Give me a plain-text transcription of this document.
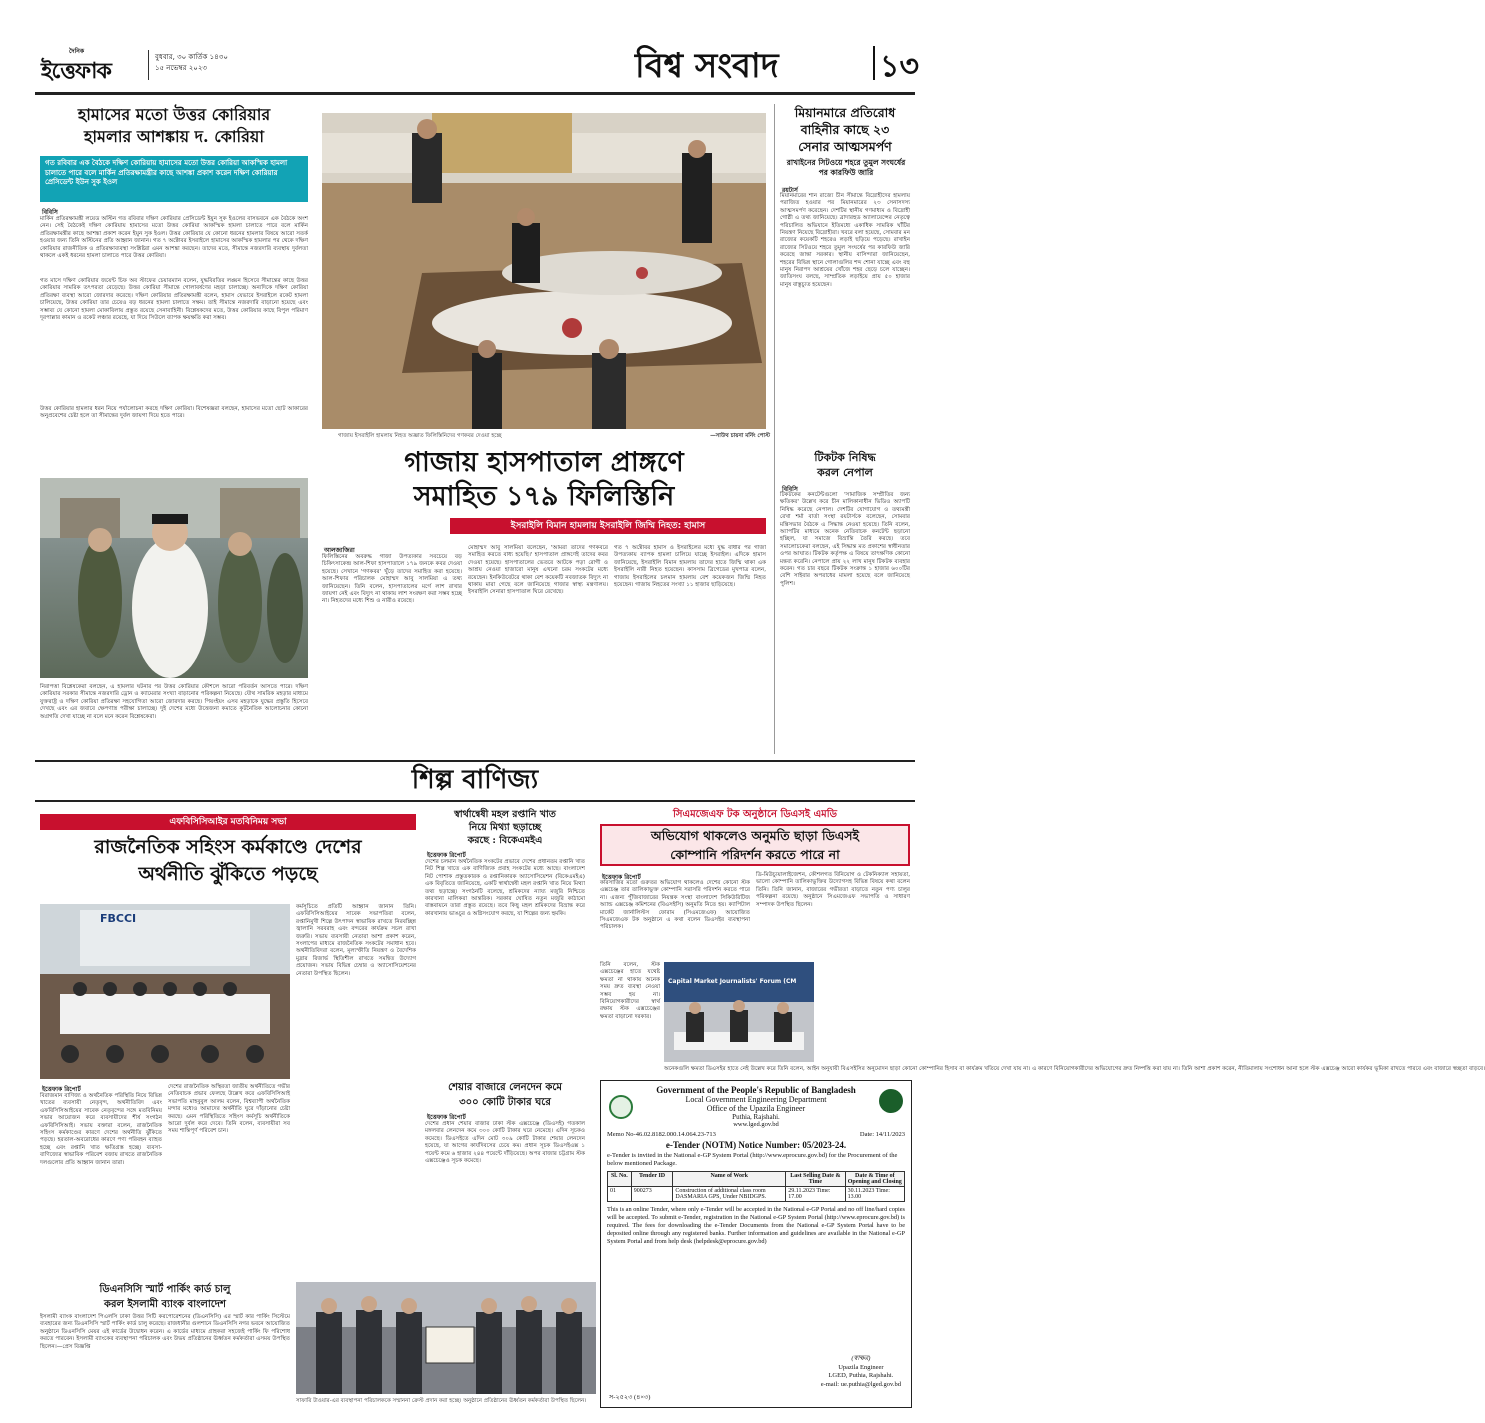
দৈনিক
ইত্তেফাক
বুধবার, ৩০ কার্তিক ১৪৩০
১৫ নভেম্বর ২০২৩	বিশ্ব সংবাদ	১৩
হামাসের মতো উত্তর কোরিয়ার
হামলার আশঙ্কায় দ. কোরিয়া
গত রবিবার এক বৈঠকে দক্ষিণ কোরিয়ায় হামাসের মতো উত্তর কোরিয়া আকস্মিক হামলা চালাতে পারে বলে মার্কিন প্রতিরক্ষামন্ত্রীর কাছে আশঙ্কা প্রকাশ করেন দক্ষিণ কোরিয়ার প্রেসিডেন্ট ইউন সুক ইওল
বিবিসি
মার্কিন প্রতিরক্ষামন্ত্রী লয়েড অস্টিন গত রবিবার দক্ষিণ কোরিয়ার প্রেসিডেন্ট ইয়ুন সুক ইওলের বাসভবনে এক বৈঠকে অংশ নেন। সেই বৈঠকেই দক্ষিণ কোরিয়ায় হামাসের মতো উত্তর কোরিয়া আকস্মিক হামলা চালাতে পারে বলে মার্কিন প্রতিরক্ষামন্ত্রীর কাছে আশঙ্কা প্রকাশ করেন ইয়ুন সুক ইওল। উত্তর কোরিয়ার যে কোনো ধরনের হামলার বিষয়ে আরো সতর্ক হওয়ার জন্য তিনি অস্টিনের প্রতি আহ্বান জানান। গত ৭ অক্টোবর ইসরাইলে হামাসের আকস্মিক হামলার পর থেকে দক্ষিণ কোরিয়ার রাজনীতিক ও প্রতিরক্ষাব্যবস্থা সংশ্লিষ্টরা এমন আশঙ্কা করছেন। তাদের মতে, সীমান্তে নজরদারি ব্যবস্থায় দুর্বলতা থাকলে একই ধরনের হামলা চালাতে পারে উত্তর কোরিয়া।
গত মাসে দক্ষিণ কোরিয়ার জয়েন্ট চিফ অব স্টাফের চেয়ারম্যান বলেন, যুদ্ধবিরতির লঙ্ঘন হিসেবে সীমান্তের কাছে উত্তর কোরিয়ার সামরিক তৎপরতা বেড়েছে। উত্তর কোরিয়া সীমান্তে গোলাবর্ষণের মহড়া চালাচ্ছে। অন্যদিকে দক্ষিণ কোরিয়া প্রতিরক্ষা ব্যবস্থা আরো জোরদার করেছে। দক্ষিণ কোরিয়ার প্রতিরক্ষামন্ত্রী বলেন, হামাস যেভাবে ইসরাইলে রকেট হামলা চালিয়েছে, উত্তর কোরিয়া তার চেয়েও বড় ধরনের হামলা চালাতে সক্ষম। তাই সীমান্তে নজরদারি বাড়ানো হয়েছে এবং সম্ভাব্য যে কোনো হামলা মোকাবিলায় প্রস্তুত রয়েছে সেনাবাহিনী। বিশ্লেষকদের মতে, উত্তর কোরিয়ার কাছে বিপুল পরিমাণ দূরপাল্লার কামান ও রকেট লঞ্চার রয়েছে, যা দিয়ে সিউলে ব্যাপক ক্ষয়ক্ষতি করা সম্ভব।
উত্তর কোরিয়ার হামলার ধরন নিয়ে পর্যালোচনা করছে দক্ষিণ কোরিয়া। বিশেষজ্ঞরা বলছেন, হামাসের মতো ছোট আকারের অনুপ্রবেশের চেষ্টা হলে তা সীমান্তের দুর্বল জায়গা দিয়ে হতে পারে।
নিরাপত্তা বিশ্লেষকেরা বলছেন, এ হামলার ঘটনার পর উত্তর কোরিয়ার কৌশলে আরো পরিবর্তন আসতে পারে। দক্ষিণ কোরিয়ার সরকার সীমান্তে নজরদারি ড্রোন ও ক্যামেরার সংখ্যা বাড়ানোর পরিকল্পনা নিয়েছে। যৌথ সামরিক মহড়ার মাধ্যমে যুক্তরাষ্ট্র ও দক্ষিণ কোরিয়া প্রতিরক্ষা সহযোগিতা আরো জোরদার করছে। পিয়ংইয়ং এসব মহড়াকে যুদ্ধের প্রস্তুতি হিসেবে দেখছে এবং এর জবাবে ক্ষেপণাস্ত্র পরীক্ষা চালাচ্ছে। দুই দেশের মধ্যে উত্তেজনা কমাতে কূটনৈতিক আলোচনার কোনো অগ্রগতি দেখা যাচ্ছে না বলে মনে করেন বিশ্লেষকেরা।
গাজায় ইসরাইলি হামলায় নিহত অজ্ঞাত ফিলিস্তিনিদের গণকবর দেওয়া হচ্ছে	—সাউথ চায়না মর্নিং পোস্ট
গাজায় হাসপাতাল প্রাঙ্গণে
সমাহিত ১৭৯ ফিলিস্তিনি
ইসরাইলি বিমান হামলায় ইসরাইলি জিম্মি নিহত: হামাস
আলজাজিরা
ফিলিস্তিনের অবরুদ্ধ গাজা উপত্যকার সবচেয়ে বড় চিকিৎসাকেন্দ্র আল-শিফা হাসপাতালে ১৭৯ জনকে কবর দেওয়া হয়েছে। সেখানে 'গণকবর' খুঁড়ে তাদের সমাহিত করা হয়েছে। আল-শিফার পরিচালক মোহাম্মদ আবু সালমিয়া এ তথ্য জানিয়েছেন। তিনি বলেন, হাসপাতালের মর্গে লাশ রাখার জায়গা নেই এবং বিদ্যুৎ না থাকায় লাশ সংরক্ষণ করা সম্ভব হচ্ছে না। নিহতদের মধ্যে শিশু ও নারীও রয়েছে।
মোহাম্মদ আবু সালমিয়া বলেছেন, 'আমরা তাদের গণকবরে সমাহিত করতে বাধ্য হয়েছি।' হাসপাতাল প্রাঙ্গণেই তাদের কবর দেওয়া হয়েছে। হাসপাতালের ভেতরে আটকে পড়া রোগী ও আশ্রয় নেওয়া হাজারো মানুষ এখনো চরম সংকটের মধ্যে রয়েছেন। ইনকিউবেটরে থাকা বেশ কয়েকটি নবজাতক বিদ্যুৎ না থাকায় মারা গেছে বলে জানিয়েছে গাজার স্বাস্থ্য মন্ত্রণালয়। ইসরাইলি সেনারা হাসপাতাল ঘিরে রেখেছে।
গত ৭ অক্টোবর হামাস ও ইসরাইলের মধ্যে যুদ্ধ বাধার পর গাজা উপত্যকায় ব্যাপক হামলা চালিয়ে যাচ্ছে ইসরাইল। এদিকে হামাস জানিয়েছে, ইসরাইলি বিমান হামলায় তাদের হাতে জিম্মি থাকা এক ইসরাইলি নারী নিহত হয়েছেন। কাসসাম ব্রিগেডের মুখপাত্র বলেন, গাজায় ইসরাইলের চলমান হামলায় বেশ কয়েকজন জিম্মি নিহত হয়েছেন। গাজায় নিহতের সংখ্যা ১১ হাজার ছাড়িয়েছে।
মিয়ানমারে প্রতিরোধ
বাহিনীর কাছে ২৩
সেনার আত্মসমর্পণ
রাখাইনের সিটওয়ে শহরে তুমুল সংঘর্ষের পর কারফিউ জারি
রয়টার্স
মিয়ানমারের শান রাজ্যে চীন সীমান্তে বিদ্রোহীদের হামলায় পরাজিত হওয়ার পর মিয়ানমারের ২৩ সেনাসদস্য আত্মসমর্পণ করেছেন। দেশটির স্থানীয় গণমাধ্যম ও বিদ্রোহী গোষ্ঠী এ তথ্য জানিয়েছে। ব্রাদারহুড অ্যালায়েন্সের নেতৃত্বে পরিচালিত অভিযানে ইতিমধ্যে একাধিক সামরিক ঘাঁটির নিয়ন্ত্রণ নিয়েছে বিদ্রোহীরা। খবরে বলা হয়েছে, সোমবার মন রাজ্যের কয়েকটি শহরেও লড়াই ছড়িয়ে পড়েছে। রাখাইন রাজ্যের সিটওয়ে শহরে তুমুল সংঘর্ষের পর কারফিউ জারি করেছে জান্তা সরকার। স্থানীয় বাসিন্দারা জানিয়েছেন, শহরের বিভিন্ন স্থানে গোলাগুলির শব্দ শোনা যাচ্ছে এবং বহু মানুষ নিরাপদ আশ্রয়ের খোঁজে শহর ছেড়ে চলে যাচ্ছেন। জাতিসংঘ বলছে, সাম্প্রতিক লড়াইয়ে প্রায় ৫০ হাজার মানুষ বাস্তুচ্যুত হয়েছেন।
টিকটক নিষিদ্ধ
করল নেপাল
বিবিসি
টিকটকের কনটেন্টগুলো 'সামাজিক সম্প্রীতির জন্য ক্ষতিকর' উল্লেখ করে চীন মালিকানাধীন ভিডিও অ্যাপটি নিষিদ্ধ করেছে নেপাল। দেশটির যোগাযোগ ও তথ্যমন্ত্রী রেখা শর্মা বার্তা সংস্থা রয়টার্সকে বলেছেন, সোমবার মন্ত্রিসভার বৈঠকে এ সিদ্ধান্ত নেওয়া হয়েছে। তিনি বলেন, অ্যাপটির মাধ্যমে অনেক নেতিবাচক কনটেন্ট ছড়ানো হচ্ছিল, যা সমাজে বিভ্রান্তি তৈরি করছে। তবে সমালোচকেরা বলছেন, এই সিদ্ধান্ত মত প্রকাশের স্বাধীনতার ওপর আঘাত। টিকটক কর্তৃপক্ষ এ বিষয়ে তাৎক্ষণিক কোনো মন্তব্য করেনি। নেপালে প্রায় ২২ লাখ মানুষ টিকটক ব্যবহার করেন। গত চার বছরে টিকটক সংক্রান্ত ১ হাজার ৬০০টির বেশি সাইবার অপরাধের মামলা হয়েছে বলে জানিয়েছে পুলিশ।
শিল্প বাণিজ্য
এফবিসিসিআইর মতবিনিময় সভা
রাজনৈতিক সহিংস কর্মকাণ্ডে দেশের
অর্থনীতি ঝুঁকিতে পড়ছে
FBCCI
ইত্তেফাক রিপোর্ট
বিরাজমান বাণিজ্য ও অর্থনৈতিক পরিস্থিতি নিয়ে বিভিন্ন খাতের ব্যবসায়ী নেতৃবৃন্দ, অর্থনীতিবিদ এবং এফবিসিসিআইয়ের সাবেক নেতৃবৃন্দের সঙ্গে মতবিনিময় সভার আয়োজন করে ব্যবসায়ীদের শীর্ষ সংগঠন এফবিসিসিআই। সভায় বক্তারা বলেন, রাজনৈতিক সহিংস কর্মকাণ্ডের কারণে দেশের অর্থনীতি ঝুঁকিতে পড়ছে। হরতাল-অবরোধের কারণে পণ্য পরিবহন ব্যাহত হচ্ছে এবং রপ্তানি খাত ক্ষতিগ্রস্ত হচ্ছে। ব্যবসা-বাণিজ্যের স্বাভাবিক পরিবেশ বজায় রাখতে রাজনৈতিক দলগুলোর প্রতি আহ্বান জানান তারা।
দেশের রাজনৈতিক অস্থিরতা জাতীয় অর্থনীতিতে গভীর নেতিবাচক প্রভাব ফেলছে উল্লেখ করে এফবিসিসিআই সভাপতি মাহবুবুল আলম বলেন, বিশ্বব্যাপী অর্থনৈতিক মন্দার মধ্যেও আমাদের অর্থনীতি ঘুরে দাঁড়ানোর চেষ্টা করছে। এমন পরিস্থিতিতে সহিংস কর্মসূচি অর্থনীতিকে আরো দুর্বল করে দেবে। তিনি বলেন, ব্যবসায়ীরা সব সময় শান্তিপূর্ণ পরিবেশ চান।
কর্মসূচিতে প্রতিটি আহ্বান জানান তিনি। এফবিসিসিআইয়ের সাবেক সভাপতিরা বলেন, রপ্তানিমুখী শিল্পে উৎপাদন স্বাভাবিক রাখতে নিরবচ্ছিন্ন জ্বালানি সরবরাহ এবং বন্দরের কার্যক্রম সচল রাখা জরুরি। সভায় ব্যবসায়ী নেতারা আশা প্রকাশ করেন, সংলাপের মাধ্যমে রাজনৈতিক সংকটের সমাধান হবে। অর্থনীতিবিদরা বলেন, মূল্যস্ফীতি নিয়ন্ত্রণ ও বৈদেশিক মুদ্রার রিজার্ভ স্থিতিশীল রাখতে সমন্বিত উদ্যোগ প্রয়োজন। সভায় বিভিন্ন চেম্বার ও অ্যাসোসিয়েশনের নেতারা উপস্থিত ছিলেন।
ডিএনসিসি স্মার্ট পার্কিং কার্ড চালু
করল ইসলামী ব্যাংক বাংলাদেশ
ইসলামী ব্যাংক বাংলাদেশ পিএলসি ঢাকা উত্তর সিটি করপোরেশনের (ডিএনসিসি) এর স্মার্ট কার পার্কিং সিস্টেমে ব্যবহারের জন্য ডিএনসিসি স্মার্ট পার্কিং কার্ড চালু করেছে। রাজধানীর গুলশানে ডিএনসিসি নগর ভবনে আয়োজিত অনুষ্ঠানে ডিএনসিসি মেয়র এই কার্ডের উদ্বোধন করেন। এ কার্ডের মাধ্যমে গ্রাহকরা সহজেই পার্কিং ফি পরিশোধ করতে পারবেন। ইসলামী ব্যাংকের ব্যবস্থাপনা পরিচালক এবং উভয় প্রতিষ্ঠানের ঊর্ধ্বতন কর্মকর্তারা এসময় উপস্থিত ছিলেন।—প্রেস বিজ্ঞপ্তি
সাফারি টাওয়ার-এর ব্যবস্থাপনা পরিচালককে সম্মাননা ক্রেস্ট প্রদান করা হচ্ছে। অনুষ্ঠানে প্রতিষ্ঠানের ঊর্ধ্বতন কর্মকর্তারা উপস্থিত ছিলেন।
স্বার্থান্বেষী মহল রপ্তানি খাত
নিয়ে মিথ্যা ছড়াচ্ছে
করছে : বিকেএমইএ
ইত্তেফাক রিপোর্ট
দেশের চলমান অর্থনৈতিক সংকটের প্রভাবে দেশের প্রধানতম রপ্তানি খাত নিট শিল্প খাতে এক বাণিজ্যিক প্রবাহ সংকটের মধ্যে আছে। বাংলাদেশ নিট পোশাক প্রস্তুতকারক ও রপ্তানিকারক অ্যাসোসিয়েশন (বিকেএমইএ) এক বিবৃতিতে জানিয়েছে, একটি স্বার্থান্বেষী মহল রপ্তানি খাত নিয়ে মিথ্যা তথ্য ছড়াচ্ছে। সংগঠনটি বলেছে, শ্রমিকদের ন্যায্য মজুরি নিশ্চিতে কারখানা মালিকরা আন্তরিক। সরকার ঘোষিত নতুন মজুরি কাঠামো বাস্তবায়নে তারা প্রস্তুত রয়েছে। তবে কিছু মহল শ্রমিকদের বিভ্রান্ত করে কারখানায় ভাঙচুর ও অগ্নিসংযোগ করছে, যা শিল্পের জন্য হুমকি।
শেয়ার বাজারে লেনদেন কমে
৩০০ কোটি টাকার ঘরে
ইত্তেফাক রিপোর্ট
দেশের প্রধান শেয়ার বাজার ঢাকা স্টক এক্সচেঞ্জে (ডিএসই) গতকাল মঙ্গলবার লেনদেন কমে ৩০০ কোটি টাকার ঘরে নেমেছে। এদিন সূচকও কমেছে। ডিএসইতে এদিন মোট ৩০৯ কোটি টাকার শেয়ার লেনদেন হয়েছে, যা আগের কার্যদিবসের চেয়ে কম। প্রধান সূচক ডিএসইএক্স ১ পয়েন্ট কমে ৬ হাজার ২৪৪ পয়েন্টে দাঁড়িয়েছে। অপর বাজার চট্টগ্রাম স্টক এক্সচেঞ্জেও সূচক কমেছে।
সিএমজেএফ টক অনুষ্ঠানে ডিএসই এমডি
অভিযোগ থাকলেও অনুমতি ছাড়া ডিএসই
কোম্পানি পরিদর্শন করতে পারে না
ইত্তেফাক রিপোর্ট
কারসাজির মতো গুরুতর অভিযোগ থাকলেও দেশের কোনো স্টক এক্সচেঞ্জ তার তালিকাভুক্ত কোম্পানি সরাসরি পরিদর্শন করতে পারে না। এজন্য পুঁজিবাজারের নিয়ন্ত্রক সংস্থা বাংলাদেশ সিকিউরিটিজ অ্যান্ড এক্সচেঞ্জ কমিশনের (বিএসইসি) অনুমতি নিতে হয়। ক্যাপিটাল মার্কেট জার্নালিস্টস ফোরাম (সিএমজেএফ) আয়োজিত সিএমজেএফ টক অনুষ্ঠানে এ কথা বলেন ডিএসইর ব্যবস্থাপনা পরিচালক।
তিনি বলেন, স্টক এক্সচেঞ্জের হাতে যথেষ্ট ক্ষমতা না থাকায় অনেক সময় দ্রুত ব্যবস্থা নেওয়া সম্ভব হয় না। বিনিয়োগকারীদের স্বার্থ রক্ষায় স্টক এক্সচেঞ্জের ক্ষমতা বাড়ানো দরকার।
Capital Market Journalists' Forum (CM
ডি-মিউচ্যুয়ালাইজেশন, কৌশলগত বিনিয়োগ ও টেকনিক্যাল সহায়তা, ভালো কোম্পানি তালিকাভুক্তির উদ্যোগসহ বিভিন্ন বিষয়ে কথা বলেন তিনি। তিনি জানান, বাজারের গভীরতা বাড়াতে নতুন পণ্য চালুর পরিকল্পনা রয়েছে। অনুষ্ঠানে সিএমজেএফ সভাপতি ও সাধারণ সম্পাদক উপস্থিত ছিলেন।
অনেকগুলি ক্ষমতা ডিএসইর হাতে নেই উল্লেখ করে তিনি বলেন, আইন অনুযায়ী বিএসইসির অনুমোদন ছাড়া কোনো কোম্পানির হিসাব বা কার্যক্রম খতিয়ে দেখা যায় না। এ কারণে বিনিয়োগকারীদের অভিযোগের দ্রুত নিষ্পত্তি করা যায় না। তিনি আশা প্রকাশ করেন, নীতিমালায় সংশোধন আনা হলে স্টক এক্সচেঞ্জ আরো কার্যকর ভূমিকা রাখতে পারবে এবং বাজারে স্বচ্ছতা বাড়বে।
Government of the People's Republic of Bangladesh
Local Government Engineering Department
Office of the Upazila Engineer
Puthia, Rajshahi.
www.lged.gov.bd
Memo No-46.02.8182.000.14.064.23-713	Date: 14/11/2023
e-Tender (NOTM) Notice Number: 05/2023-24.
e-Tender is invited in the National e-GP System Portal (http://www.eprocure.gov.bd) for the Procurement of the below mentioned Package.
Sl. No.	Tender ID	Name of Work	Last Selling Date & Time	Date & Time of Opening and Closing
01	900273	Construction of additional class room DASMARIA GPS, Under NBIDGPS.	29.11.2023 Time: 17.00	30.11.2023 Time: 13.00
This is an online Tender, where only e-Tender will be accepted in the National e-GP Portal and no off line/hard copies will be accepted. To submit e-Tender, registration in the National e-GP System Portal (http://www.eprocure.gov.bd) is required. The fees for downloading the e-Tender Documents from the National e-GP System Portal have to be deposited online through any registered banks. Further information and guidelines are available in the National e-GP System Portal and from help desk (helpdesk@eprocure.gov.bd)
(স্বাক্ষর)
Upazila Engineer
LGED, Puthia, Rajshahi.
e-mail: ue.puthia@lged.gov.bd
স-২৫২৩ (৪×৩)
